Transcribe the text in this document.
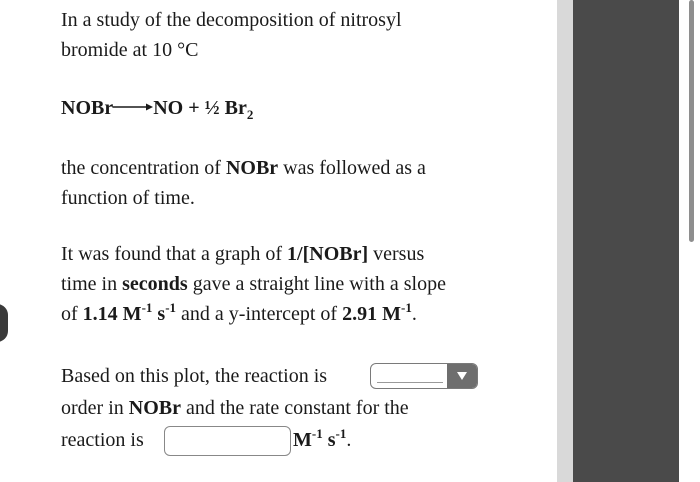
In a study of the decomposition of nitrosyl
bromide at 10 °C
NOBr NO + ½ $Br_2$
the concentration of NOBr was followed as a
function of time.
It was found that a graph of 1/[NOBr] versus
time in seconds gave a straight line with a slope
of 1.14 $M^{-1}$ $s^{-1}$ and a y-intercept of 2.91 $M^{-1}$.
Based on this plot, the reaction is
order in NOBr and the rate constant for the
reaction is	$M^{-1}$ $s^{-1}$.
